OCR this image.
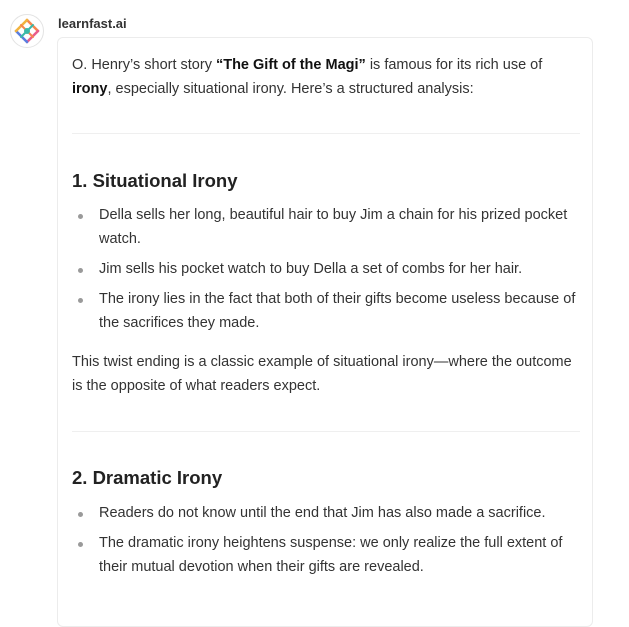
learnfast.ai

O. Henry’s short story “The Gift of the Magi” is famous for its rich use of irony, especially situational irony. Here’s a structured analysis:

1. Situational Irony
Della sells her long, beautiful hair to buy Jim a chain for his prized pocket watch.
Jim sells his pocket watch to buy Della a set of combs for her hair.
The irony lies in the fact that both of their gifts become useless because of the sacrifices they made.

This twist ending is a classic example of situational irony—where the outcome is the opposite of what readers expect.

2. Dramatic Irony
Readers do not know until the end that Jim has also made a sacrifice.
The dramatic irony heightens suspense: we only realize the full extent of their mutual devotion when their gifts are revealed.
